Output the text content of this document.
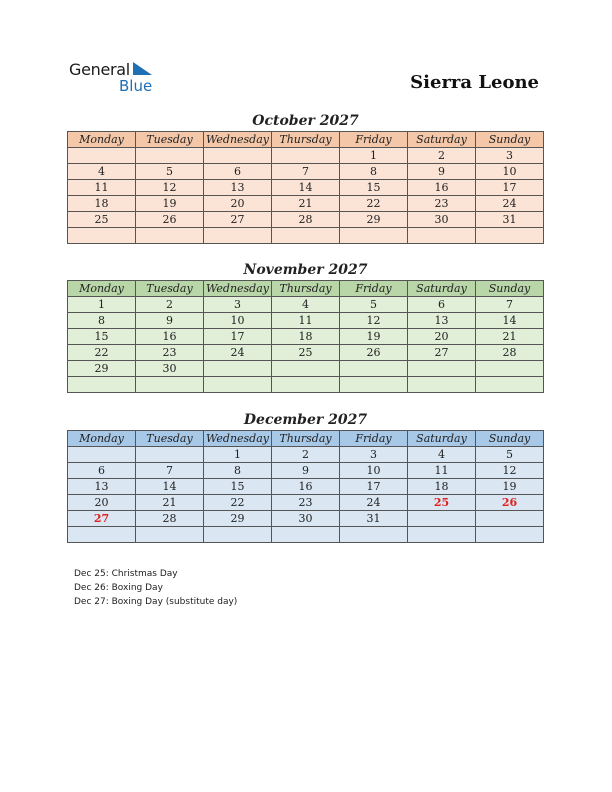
General
Blue	Sierra Leone
October 2027
Monday	Tuesday	Wednesday	Thursday	Friday	Saturday	Sunday
				1	2	3
4	5	6	7	8	9	10
11	12	13	14	15	16	17
18	19	20	21	22	23	24
25	26	27	28	29	30	31

November 2027
Monday	Tuesday	Wednesday	Thursday	Friday	Saturday	Sunday
1	2	3	4	5	6	7
8	9	10	11	12	13	14
15	16	17	18	19	20	21
22	23	24	25	26	27	28
29	30					

December 2027
Monday	Tuesday	Wednesday	Thursday	Friday	Saturday	Sunday
		1	2	3	4	5
6	7	8	9	10	11	12
13	14	15	16	17	18	19
20	21	22	23	24	25	26
27	28	29	30	31		

Dec 25: Christmas Day
Dec 26: Boxing Day
Dec 27: Boxing Day (substitute day)
